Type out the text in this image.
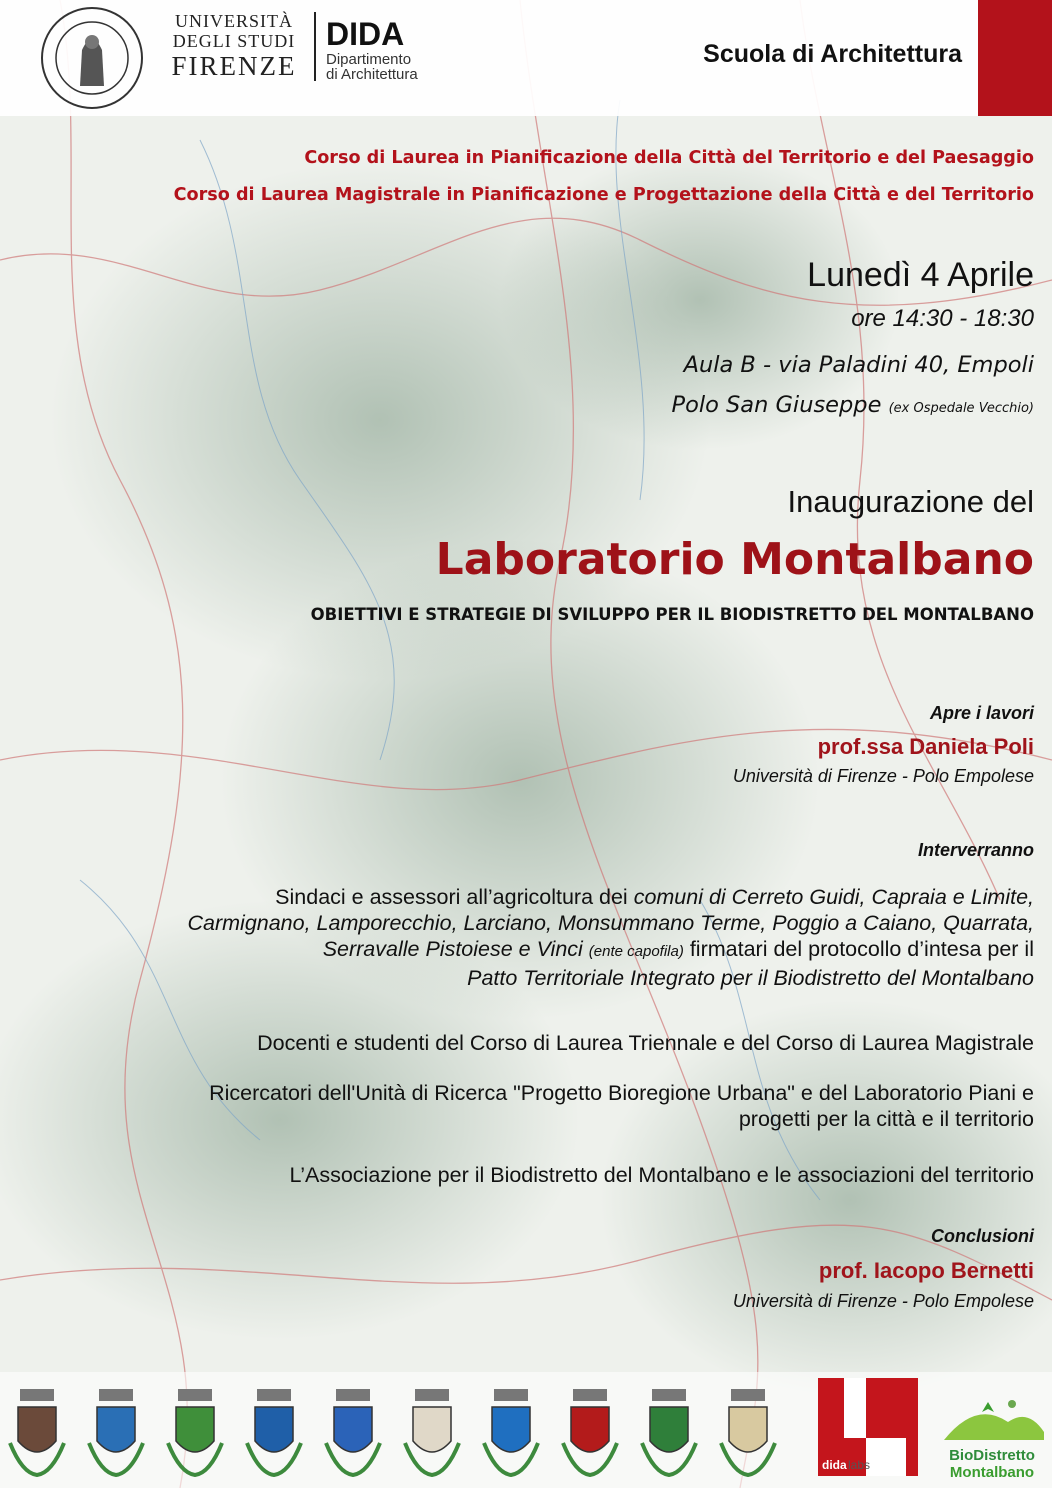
UNIVERSITÀ
DEGLI STUDI
FIRENZE
DIDA
Dipartimento
di Architettura
Scuola di Architettura
Corso di Laurea in Pianificazione della Città del Territorio e del Paesaggio
Corso di Laurea Magistrale in Pianificazione e Progettazione della Città e del Territorio
Lunedì 4 Aprile
ore 14:30 - 18:30
Aula B - via Paladini 40, Empoli
Polo San Giuseppe (ex Ospedale Vecchio)
Inaugurazione del
Laboratorio Montalbano
OBIETTIVI E STRATEGIE DI SVILUPPO PER IL BIODISTRETTO DEL MONTALBANO
Apre i lavori
prof.ssa Daniela Poli
Università di Firenze - Polo Empolese
Interverranno
Sindaci e assessori all’agricoltura dei comuni di Cerreto Guidi, Capraia e Limite,
Carmignano, Lamporecchio, Larciano, Monsummano Terme, Poggio a Caiano, Quarrata,
Serravalle Pistoiese e Vinci (ente capofila) firmatari del protocollo d’intesa per il
Patto Territoriale Integrato per il Biodistretto del Montalbano
Docenti e studenti del Corso di Laurea Triennale e del Corso di Laurea Magistrale
Ricercatori dell'Unità di Ricerca "Progetto Bioregione Urbana" e del Laboratorio Piani e
progetti per la città e il territorio
L’Associazione per il Biodistretto del Montalbano e le associazioni del territorio
Conclusioni
prof. Iacopo Bernetti
Università di Firenze - Polo Empolese
dida labs
BioDistretto
Montalbano
